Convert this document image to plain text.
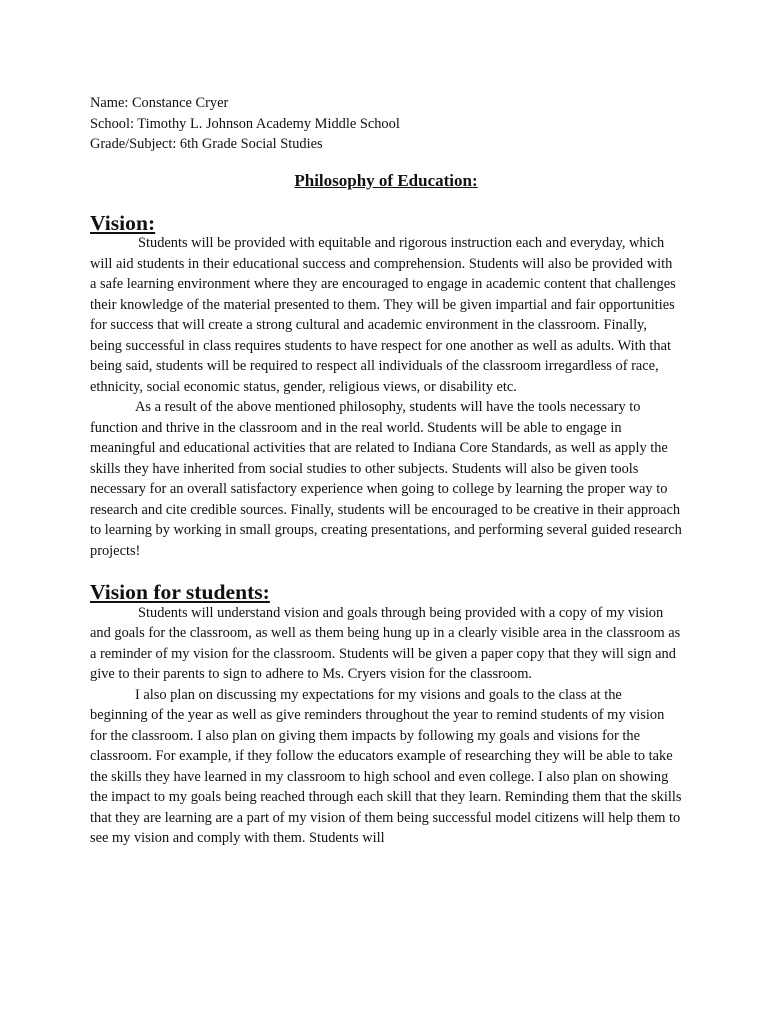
Name: Constance Cryer

School: Timothy L. Johnson Academy Middle School

Grade/Subject: 6th Grade Social Studies

Philosophy of Education:
Vision:

Students will be provided with equitable and rigorous instruction each and everyday, which will aid students in their educational success and comprehension. Students will also be provided with a safe learning environment where they are encouraged to engage in academic content that challenges their knowledge of the material presented to them. They will be given impartial and fair opportunities for success that will create a strong cultural and academic environment in the classroom. Finally, being successful in class requires students to have respect for one another as well as adults. With that being said, students will be required to respect all individuals of the classroom irregardless of race, ethnicity, social economic status, gender, religious views, or disability etc.

As a result of the above mentioned philosophy, students will have the tools necessary to function and thrive in the classroom and in the real world. Students will be able to engage in meaningful and educational activities that are related to Indiana Core Standards, as well as apply the skills they have inherited from social studies to other subjects. Students will also be given tools necessary for an overall satisfactory experience when going to college by learning the proper way to research and cite credible sources. Finally, students will be encouraged to be creative in their approach to learning by working in small groups, creating presentations, and performing several guided research projects!

Vision for students:

Students will understand vision and goals through being provided with a copy of my vision and goals for the classroom, as well as them being hung up in a clearly visible area in the classroom as a reminder of my vision for the classroom. Students will be given a paper copy that they will sign and give to their parents to sign to adhere to Ms. Cryers vision for the classroom.

I also plan on discussing my expectations for my visions and goals to the class at the beginning of the year as well as give reminders throughout the year to remind students of my vision for the classroom. I also plan on giving them impacts by following my goals and visions for the classroom. For example, if they follow the educators example of researching they will be able to take the skills they have learned in my classroom to high school and even college. I also plan on showing the impact to my goals being reached through each skill that they learn. Reminding them that the skills that they are learning are a part of my vision of them being successful model citizens will help them to see my vision and comply with them. Students will
